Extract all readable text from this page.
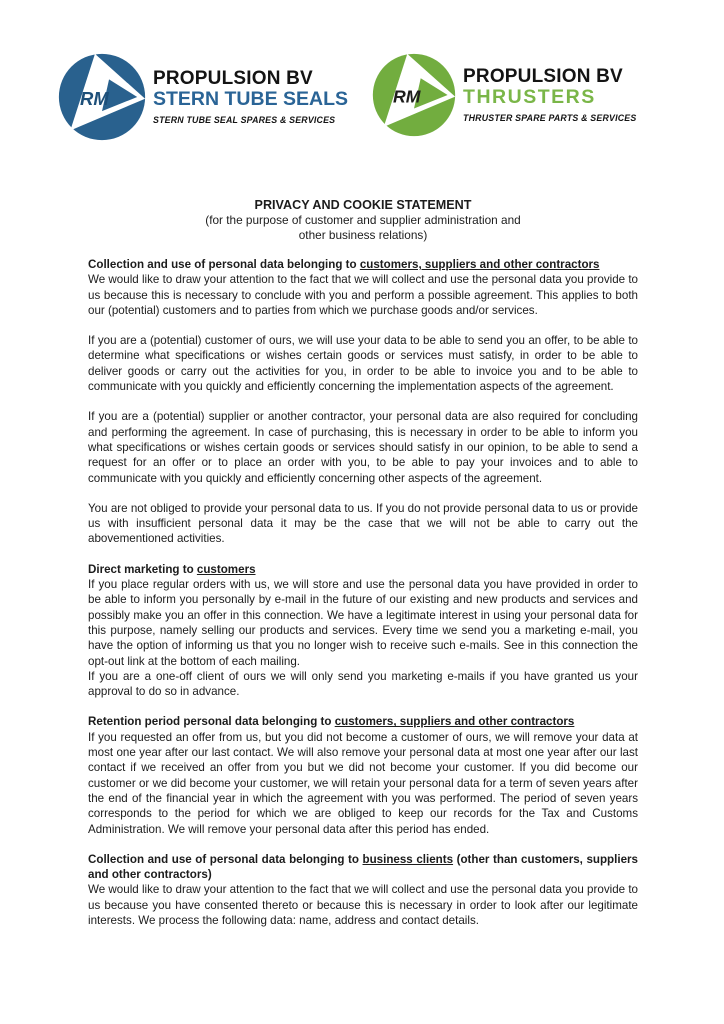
RM
PROPULSION BV
STERN TUBE SEALS
STERN TUBE SEAL SPARES & SERVICES
RM
PROPULSION BV
THRUSTERS
THRUSTER SPARE PARTS & SERVICES
PRIVACY AND COOKIE STATEMENT
(for the purpose of customer and supplier administration and
other business relations)
Collection and use of personal data belonging to customers, suppliers and other contractors

We would like to draw your attention to the fact that we will collect and use the personal data you provide to us because this is necessary to conclude with you and perform a possible agreement. This applies to both our (potential) customers and to parties from which we purchase goods and/or services.

If you are a (potential) customer of ours, we will use your data to be able to send you an offer, to be able to determine what specifications or wishes certain goods or services must satisfy, in order to be able to deliver goods or carry out the activities for you, in order to be able to invoice you and to be able to communicate with you quickly and efficiently concerning the implementation aspects of the agreement.

If you are a (potential) supplier or another contractor, your personal data are also required for concluding and performing the agreement. In case of purchasing, this is necessary in order to be able to inform you what specifications or wishes certain goods or services should satisfy in our opinion, to be able to send a request for an offer or to place an order with you, to be able to pay your invoices and to able to communicate with you quickly and efficiently concerning other aspects of the agreement.

You are not obliged to provide your personal data to us. If you do not provide personal data to us or provide us with insufficient personal data it may be the case that we will not be able to carry out the abovementioned activities.

Direct marketing to customers

If you place regular orders with us, we will store and use the personal data you have provided in order to be able to inform you personally by e-mail in the future of our existing and new products and services and possibly make you an offer in this connection. We have a legitimate interest in using your personal data for this purpose, namely selling our products and services. Every time we send you a marketing e-mail, you have the option of informing us that you no longer wish to receive such e-mails. See in this connection the opt-out link at the bottom of each mailing.

If you are a one-off client of ours we will only send you marketing e-mails if you have granted us your approval to do so in advance.

Retention period personal data belonging to customers, suppliers and other contractors

If you requested an offer from us, but you did not become a customer of ours, we will remove your data at most one year after our last contact. We will also remove your personal data at most one year after our last contact if we received an offer from you but we did not become your customer. If you did become our customer or we did become your customer, we will retain your personal data for a term of seven years after the end of the financial year in which the agreement with you was performed. The period of seven years corresponds to the period for which we are obliged to keep our records for the Tax and Customs Administration. We will remove your personal data after this period has ended.

Collection and use of personal data belonging to business clients (other than customers, suppliers and other contractors)

We would like to draw your attention to the fact that we will collect and use the personal data you provide to us because you have consented thereto or because this is necessary in order to look after our legitimate interests. We process the following data: name, address and contact details.
